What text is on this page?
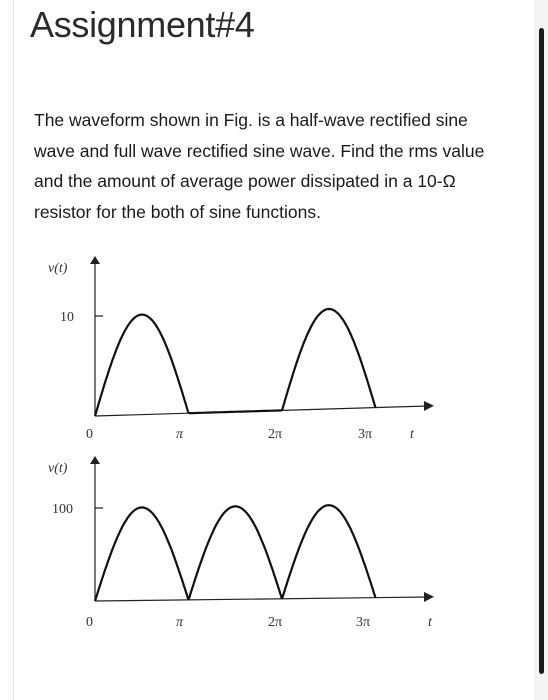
Assignment#4

The waveform shown in Fig. is a half-wave rectified sine wave and full wave rectified sine wave. Find the rms value and the amount of average power dissipated in a 10-Ω resistor for the both of sine functions.

v(t)
10
0	π	2π	3π	t
v(t)
100
0	π	2π	3π	t
